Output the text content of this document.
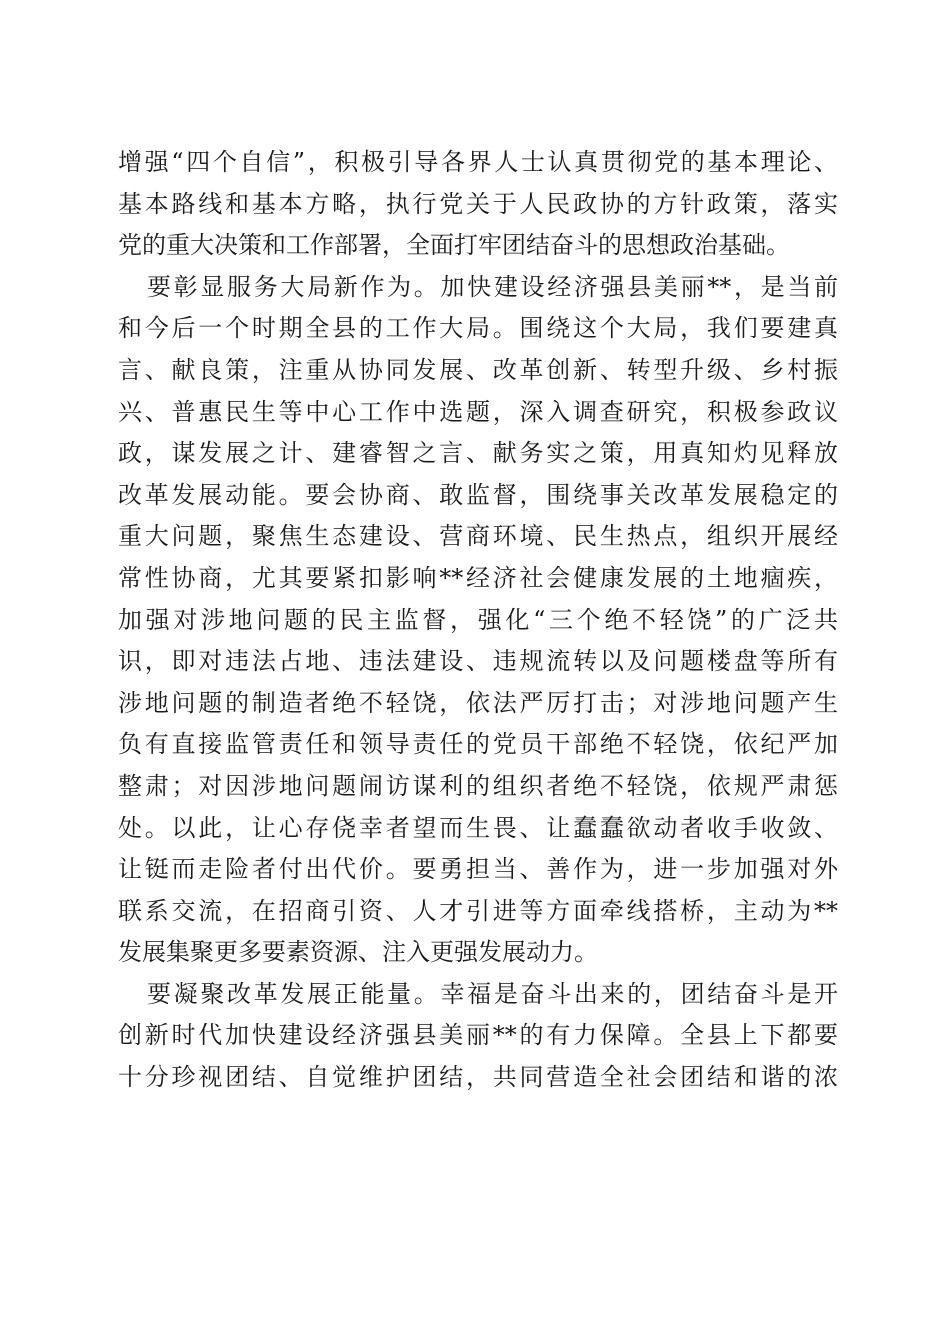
增强“四个自信”，积极引导各界人士认真贯彻党的基本理论、
基本路线和基本方略，执行党关于人民政协的方针政策，落实
党的重大决策和工作部署，全面打牢团结奋斗的思想政治基础。
要彰显服务大局新作为。加快建设经济强县美丽**，是当前
和今后一个时期全县的工作大局。围绕这个大局，我们要建真
言、献良策，注重从协同发展、改革创新、转型升级、乡村振
兴、普惠民生等中心工作中选题，深入调查研究，积极参政议
政，谋发展之计、建睿智之言、献务实之策，用真知灼见释放
改革发展动能。要会协商、敢监督，围绕事关改革发展稳定的
重大问题，聚焦生态建设、营商环境、民生热点，组织开展经
常性协商，尤其要紧扣影响**经济社会健康发展的土地痼疾，
加强对涉地问题的民主监督，强化“三个绝不轻饶”的广泛共
识，即对违法占地、违法建设、违规流转以及问题楼盘等所有
涉地问题的制造者绝不轻饶，依法严厉打击；对涉地问题产生
负有直接监管责任和领导责任的党员干部绝不轻饶，依纪严加
整肃；对因涉地问题闹访谋利的组织者绝不轻饶，依规严肃惩
处。以此，让心存侥幸者望而生畏、让蠢蠢欲动者收手收敛、
让铤而走险者付出代价。要勇担当、善作为，进一步加强对外
联系交流，在招商引资、人才引进等方面牵线搭桥，主动为**
发展集聚更多要素资源、注入更强发展动力。
要凝聚改革发展正能量。幸福是奋斗出来的，团结奋斗是开
创新时代加快建设经济强县美丽**的有力保障。全县上下都要
十分珍视团结、自觉维护团结，共同营造全社会团结和谐的浓
